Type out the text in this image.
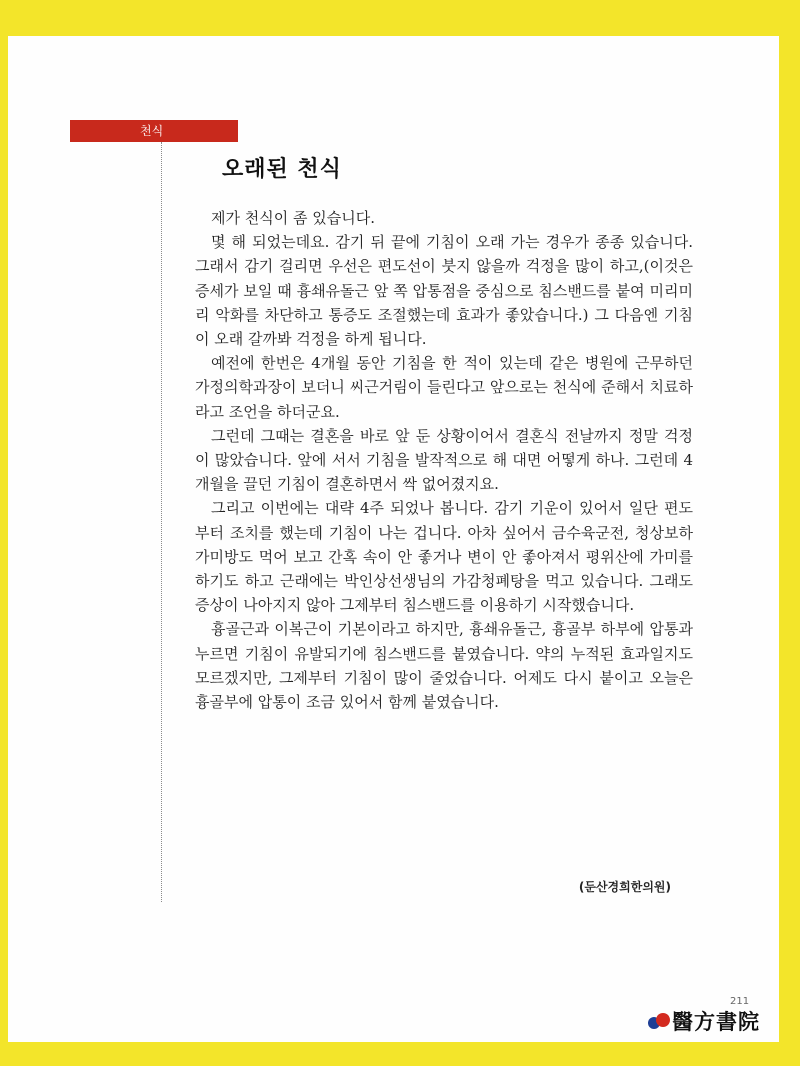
천식
오래된 천식

제가 천식이 좀 있습니다.

몇 해 되었는데요. 감기 뒤 끝에 기침이 오래 가는 경우가 종종 있습니다. 그래서 감기 걸리면 우선은 편도선이 붓지 않을까 걱정을 많이 하고,(이것은 증세가 보일 때 흉쇄유돌근 앞 쪽 압통점을 중심으로 침스밴드를 붙여 미리미리 악화를 차단하고 통증도 조절했는데 효과가 좋았습니다.) 그 다음엔 기침이 오래 갈까봐 걱정을 하게 됩니다.

예전에 한번은 4개월 동안 기침을 한 적이 있는데 같은 병원에 근무하던 가정의학과장이 보더니 씨근거림이 들린다고 앞으로는 천식에 준해서 치료하라고 조언을 하더군요.

그런데 그때는 결혼을 바로 앞 둔 상황이어서 결혼식 전날까지 정말 걱정이 많았습니다. 앞에 서서 기침을 발작적으로 해 대면 어떻게 하나. 그런데 4개월을 끌던 기침이 결혼하면서 싹 없어졌지요.

그리고 이번에는 대략 4주 되었나 봅니다. 감기 기운이 있어서 일단 편도부터 조치를 했는데 기침이 나는 겁니다. 아차 싶어서 금수육군전, 청상보하 가미방도 먹어 보고 간혹 속이 안 좋거나 변이 안 좋아져서 평위산에 가미를 하기도 하고 근래에는 박인상선생님의 가감청폐탕을 먹고 있습니다. 그래도 증상이 나아지지 않아 그제부터 침스밴드를 이용하기 시작했습니다.

흉골근과 이복근이 기본이라고 하지만, 흉쇄유돌근, 흉골부 하부에 압통과 누르면 기침이 유발되기에 침스밴드를 붙였습니다. 약의 누적된 효과일지도 모르겠지만, 그제부터 기침이 많이 줄었습니다. 어제도 다시 붙이고 오늘은 흉골부에 압통이 조금 있어서 함께 붙였습니다.

(둔산경희한의원)
211
醫方書院
